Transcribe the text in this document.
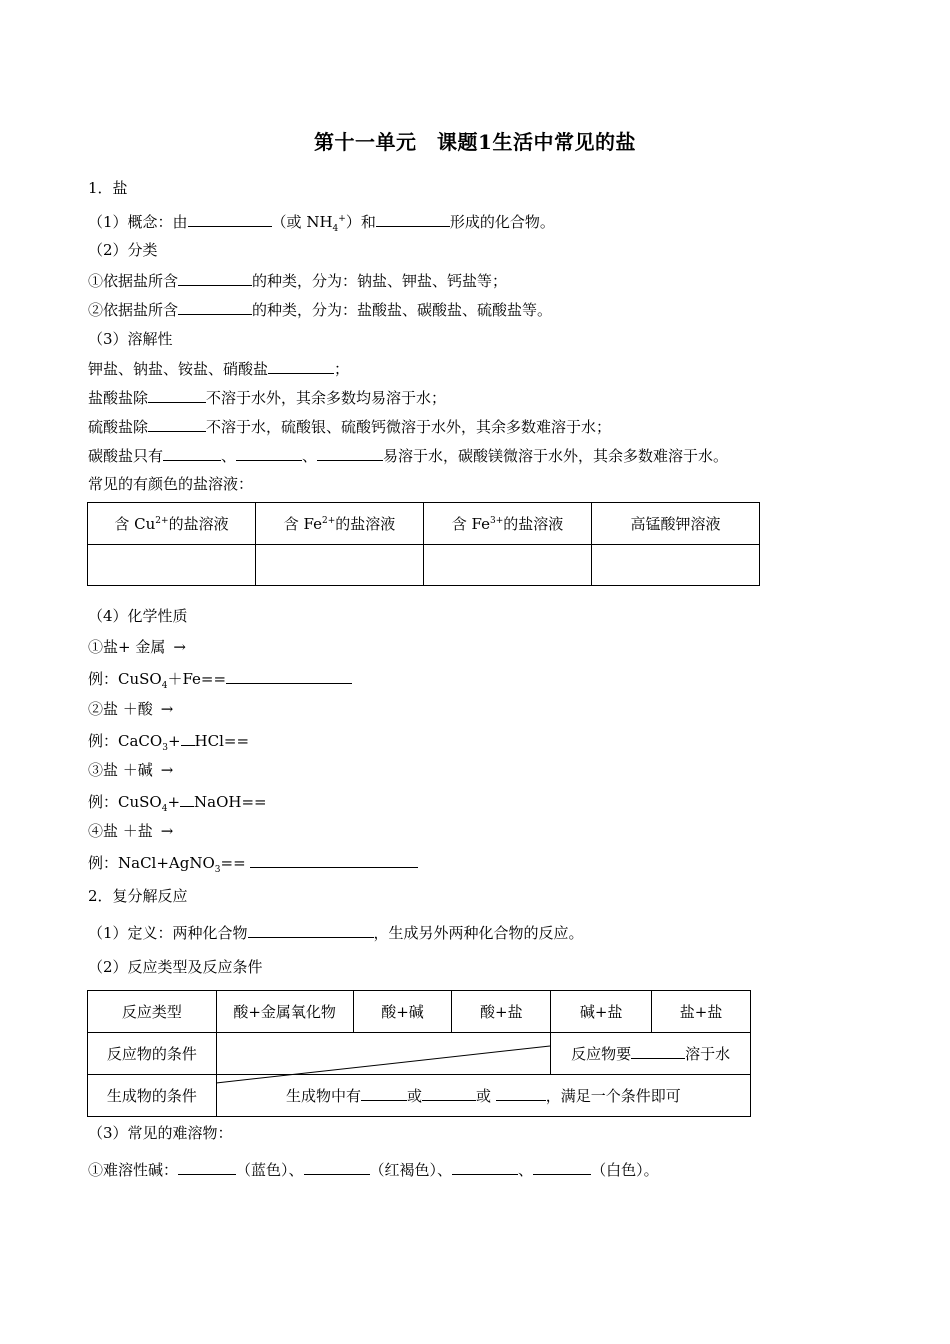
第十一单元　课题1生活中常见的盐
1．盐
（1）概念：由	（或 $NH_4^+$）和	形成的化合物。
（2）分类
①依据盐所含	的种类，分为：钠盐、钾盐、钙盐等；
②依据盐所含	的种类，分为：盐酸盐、碳酸盐、硫酸盐等。
（3）溶解性
钾盐、钠盐、铵盐、硝酸盐	；
盐酸盐除	不溶于水外，其余多数均易溶于水；
硫酸盐除	不溶于水，硫酸银、硫酸钙微溶于水外，其余多数难溶于水；
碳酸盐只有	、	、	易溶于水，碳酸镁微溶于水外，其余多数难溶于水。
常见的有颜色的盐溶液：
含 $Cu^{2+}$的盐溶液	含 $Fe^{2+}$的盐溶液	含 $Fe^{3+}$的盐溶液	高锰酸钾溶液

（4）化学性质
①盐+ 金属 →
例：CuSO$_4$＋Fe==
②盐 ＋酸 →
例：CaCO$_3$+ HCl==
③盐 ＋碱 →
例：CuSO$_4$+ NaOH==
④盐 ＋盐 →
例：NaCl+AgNO$_3$==
2．复分解反应
（1）定义：两种化合物	，生成另外两种化合物的反应。
（2）反应类型及反应条件
反应类型	酸+金属氧化物	酸+碱	酸+盐	碱+盐	盐+盐
反应物的条件				反应物要 溶于水	
生成物的条件	生成物中有 或 或 ，满足一个条件即可				
（3）常见的难溶物：
①难溶性碱：	（蓝色）、	（红褐色）、	、	（白色）。
